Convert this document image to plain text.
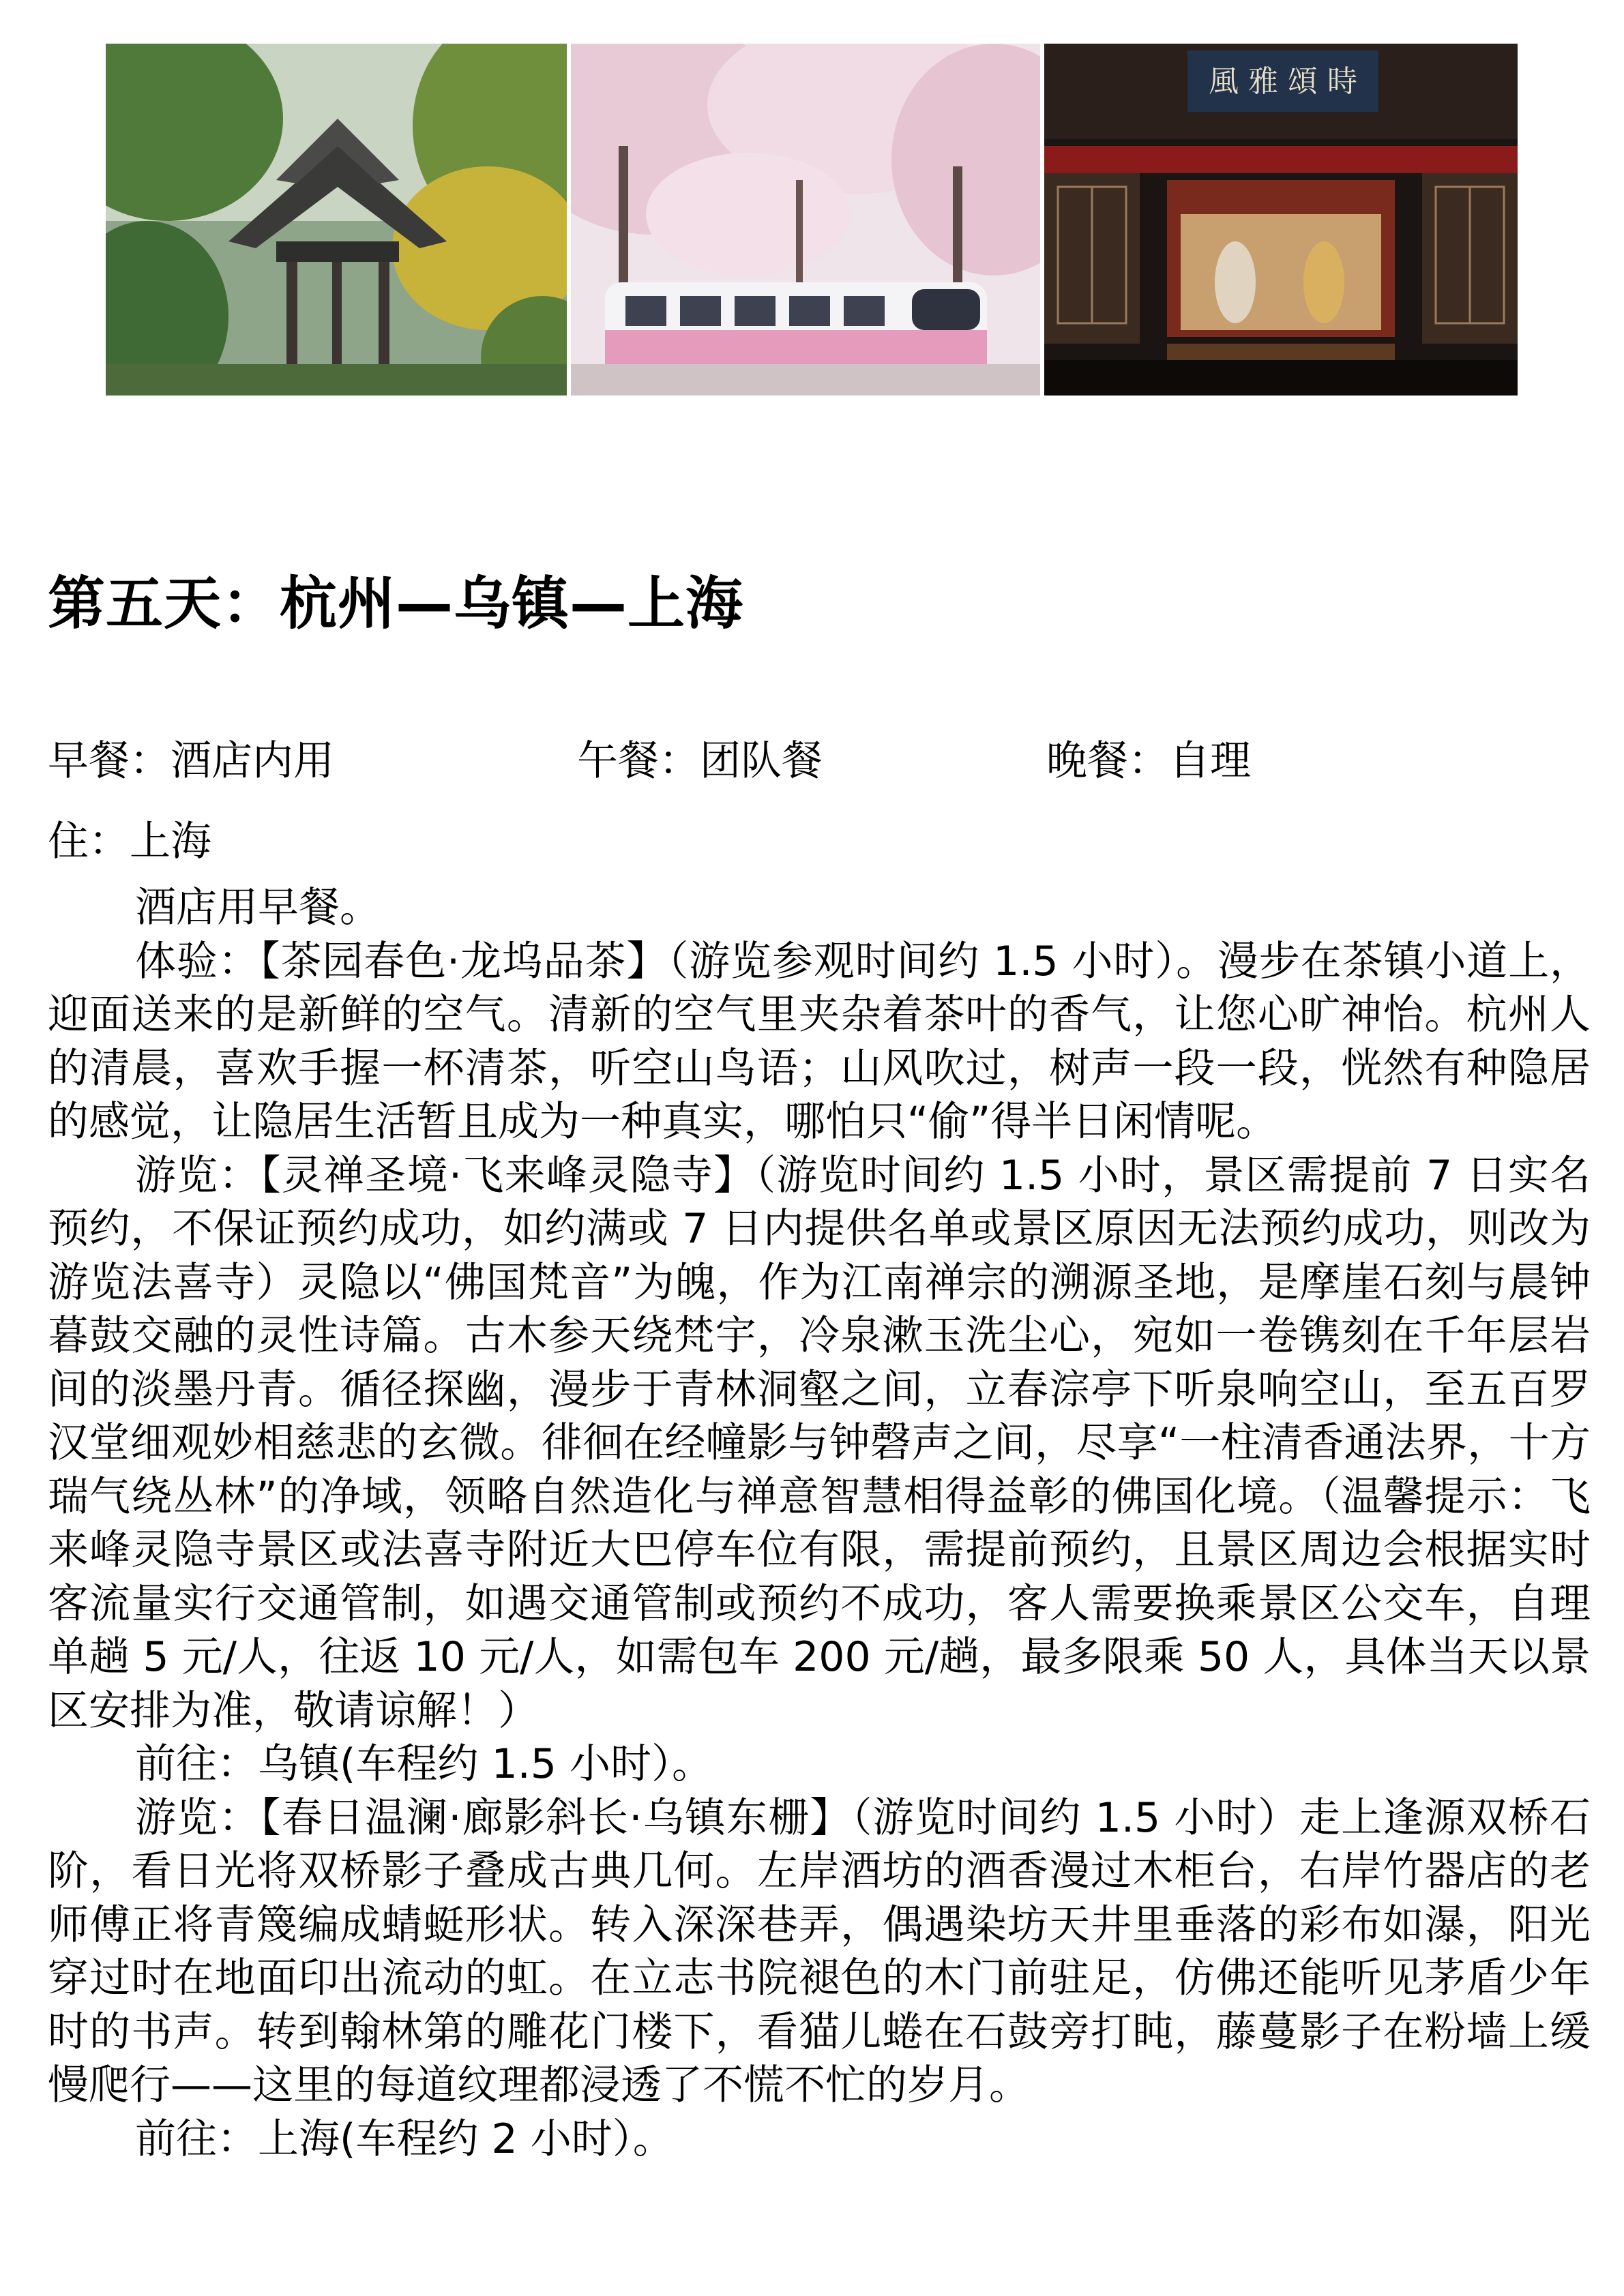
風 雅 頌 時
第五天：杭州—乌镇—上海
早餐：酒店内用	午餐：团队餐	晚餐：自理
住：上海

酒店用早餐。

体验：【茶园春色·龙坞品茶】（游览参观时间约 1.5 小时）。漫步在茶镇小道上，迎面送来的是新鲜的空气。清新的空气里夹杂着茶叶的香气，让您心旷神怡。杭州人的清晨，喜欢手握一杯清茶，听空山鸟语；山风吹过，树声一段一段，恍然有种隐居的感觉，让隐居生活暂且成为一种真实，哪怕只“偷”得半日闲情呢。

游览：【灵禅圣境·飞来峰灵隐寺】（游览时间约 1.5 小时，景区需提前 7 日实名预约，不保证预约成功，如约满或 7 日内提供名单或景区原因无法预约成功，则改为游览法喜寺）灵隐以“佛国梵音”为魄，作为江南禅宗的溯源圣地，是摩崖石刻与晨钟暮鼓交融的灵性诗篇。古木参天绕梵宇，冷泉漱玉洗尘心，宛如一卷镌刻在千年层岩间的淡墨丹青。循径探幽，漫步于青林洞壑之间，立春淙亭下听泉响空山，至五百罗汉堂细观妙相慈悲的玄微。徘徊在经幢影与钟磬声之间，尽享“一柱清香通法界，十方瑞气绕丛林”的净域，领略自然造化与禅意智慧相得益彰的佛国化境。（温馨提示：飞来峰灵隐寺景区或法喜寺附近大巴停车位有限，需提前预约，且景区周边会根据实时客流量实行交通管制，如遇交通管制或预约不成功，客人需要换乘景区公交车，自理单趟 5 元/人，往返 10 元/人，如需包车 200 元/趟，最多限乘 50 人，具体当天以景区安排为准，敬请谅解！）

前往：乌镇(车程约 1.5 小时）。

游览：【春日温澜·廊影斜长·乌镇东栅】（游览时间约 1.5 小时）走上逢源双桥石阶，看日光将双桥影子叠成古典几何。左岸酒坊的酒香漫过木柜台，右岸竹器店的老师傅正将青篾编成蜻蜓形状。转入深深巷弄，偶遇染坊天井里垂落的彩布如瀑，阳光穿过时在地面印出流动的虹。在立志书院褪色的木门前驻足，仿佛还能听见茅盾少年时的书声。转到翰林第的雕花门楼下，看猫儿蜷在石鼓旁打盹，藤蔓影子在粉墙上缓慢爬行——这里的每道纹理都浸透了不慌不忙的岁月。

前往：上海(车程约 2 小时）。
